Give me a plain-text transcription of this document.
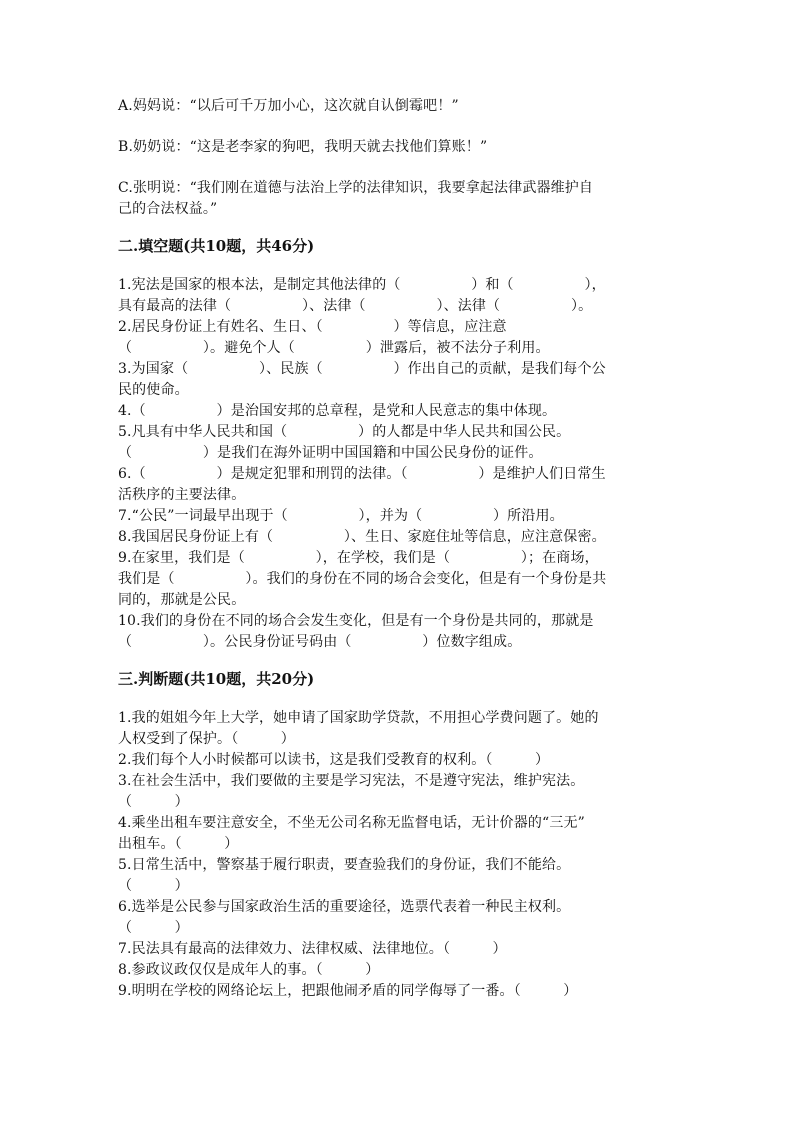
A.妈妈说：“以后可千万加小心，这次就自认倒霉吧！”
B.奶奶说：“这是老李家的狗吧，我明天就去找他们算账！”
C.张明说：“我们刚在道德与法治上学的法律知识，我要拿起法律武器维护自
己的合法权益。”
二.填空题(共10题，共46分)
1.宪法是国家的根本法，是制定其他法律的（　　　　　）和（　　　　　），
具有最高的法律（　　　　　）、法律（　　　　　）、法律（　　　　　）。
2.居民身份证上有姓名、生日、（　　　　　）等信息，应注意
（　　　　　）。避免个人（　　　　　）泄露后，被不法分子利用。
3.为国家（　　　　　）、民族（　　　　　）作出自己的贡献，是我们每个公
民的使命。
4.（　　　　　）是治国安邦的总章程，是党和人民意志的集中体现。
5.凡具有中华人民共和国（　　　　　）的人都是中华人民共和国公民。
（　　　　　）是我们在海外证明中国国籍和中国公民身份的证件。
6.（　　　　　）是规定犯罪和刑罚的法律。（　　　　　）是维护人们日常生
活秩序的主要法律。
7.“公民”一词最早出现于（　　　　　），并为（　　　　　）所沿用。
8.我国居民身份证上有（　　　　　）、生日、家庭住址等信息，应注意保密。
9.在家里，我们是（　　　　　），在学校，我们是（　　　　　）；在商场，
我们是（　　　　　）。我们的身份在不同的场合会变化，但是有一个身份是共
同的，那就是公民。
10.我们的身份在不同的场合会发生变化，但是有一个身份是共同的，那就是
（　　　　　）。公民身份证号码由（　　　　　）位数字组成。
三.判断题(共10题，共20分)
1.我的姐姐今年上大学，她申请了国家助学贷款，不用担心学费问题了。她的
人权受到了保护。（　　　）
2.我们每个人小时候都可以读书，这是我们受教育的权利。（　　　）
3.在社会生活中，我们要做的主要是学习宪法，不是遵守宪法，维护宪法。
（　　　）
4.乘坐出租车要注意安全，不坐无公司名称无监督电话，无计价器的“三无”
出租车。（　　　）
5.日常生活中，警察基于履行职责，要查验我们的身份证，我们不能给。
（　　　）
6.选举是公民参与国家政治生活的重要途径，选票代表着一种民主权利。
（　　　）
7.民法具有最高的法律效力、法律权威、法律地位。（　　　）
8.参政议政仅仅是成年人的事。（　　　）
9.明明在学校的网络论坛上，把跟他闹矛盾的同学侮辱了一番。（　　　）
